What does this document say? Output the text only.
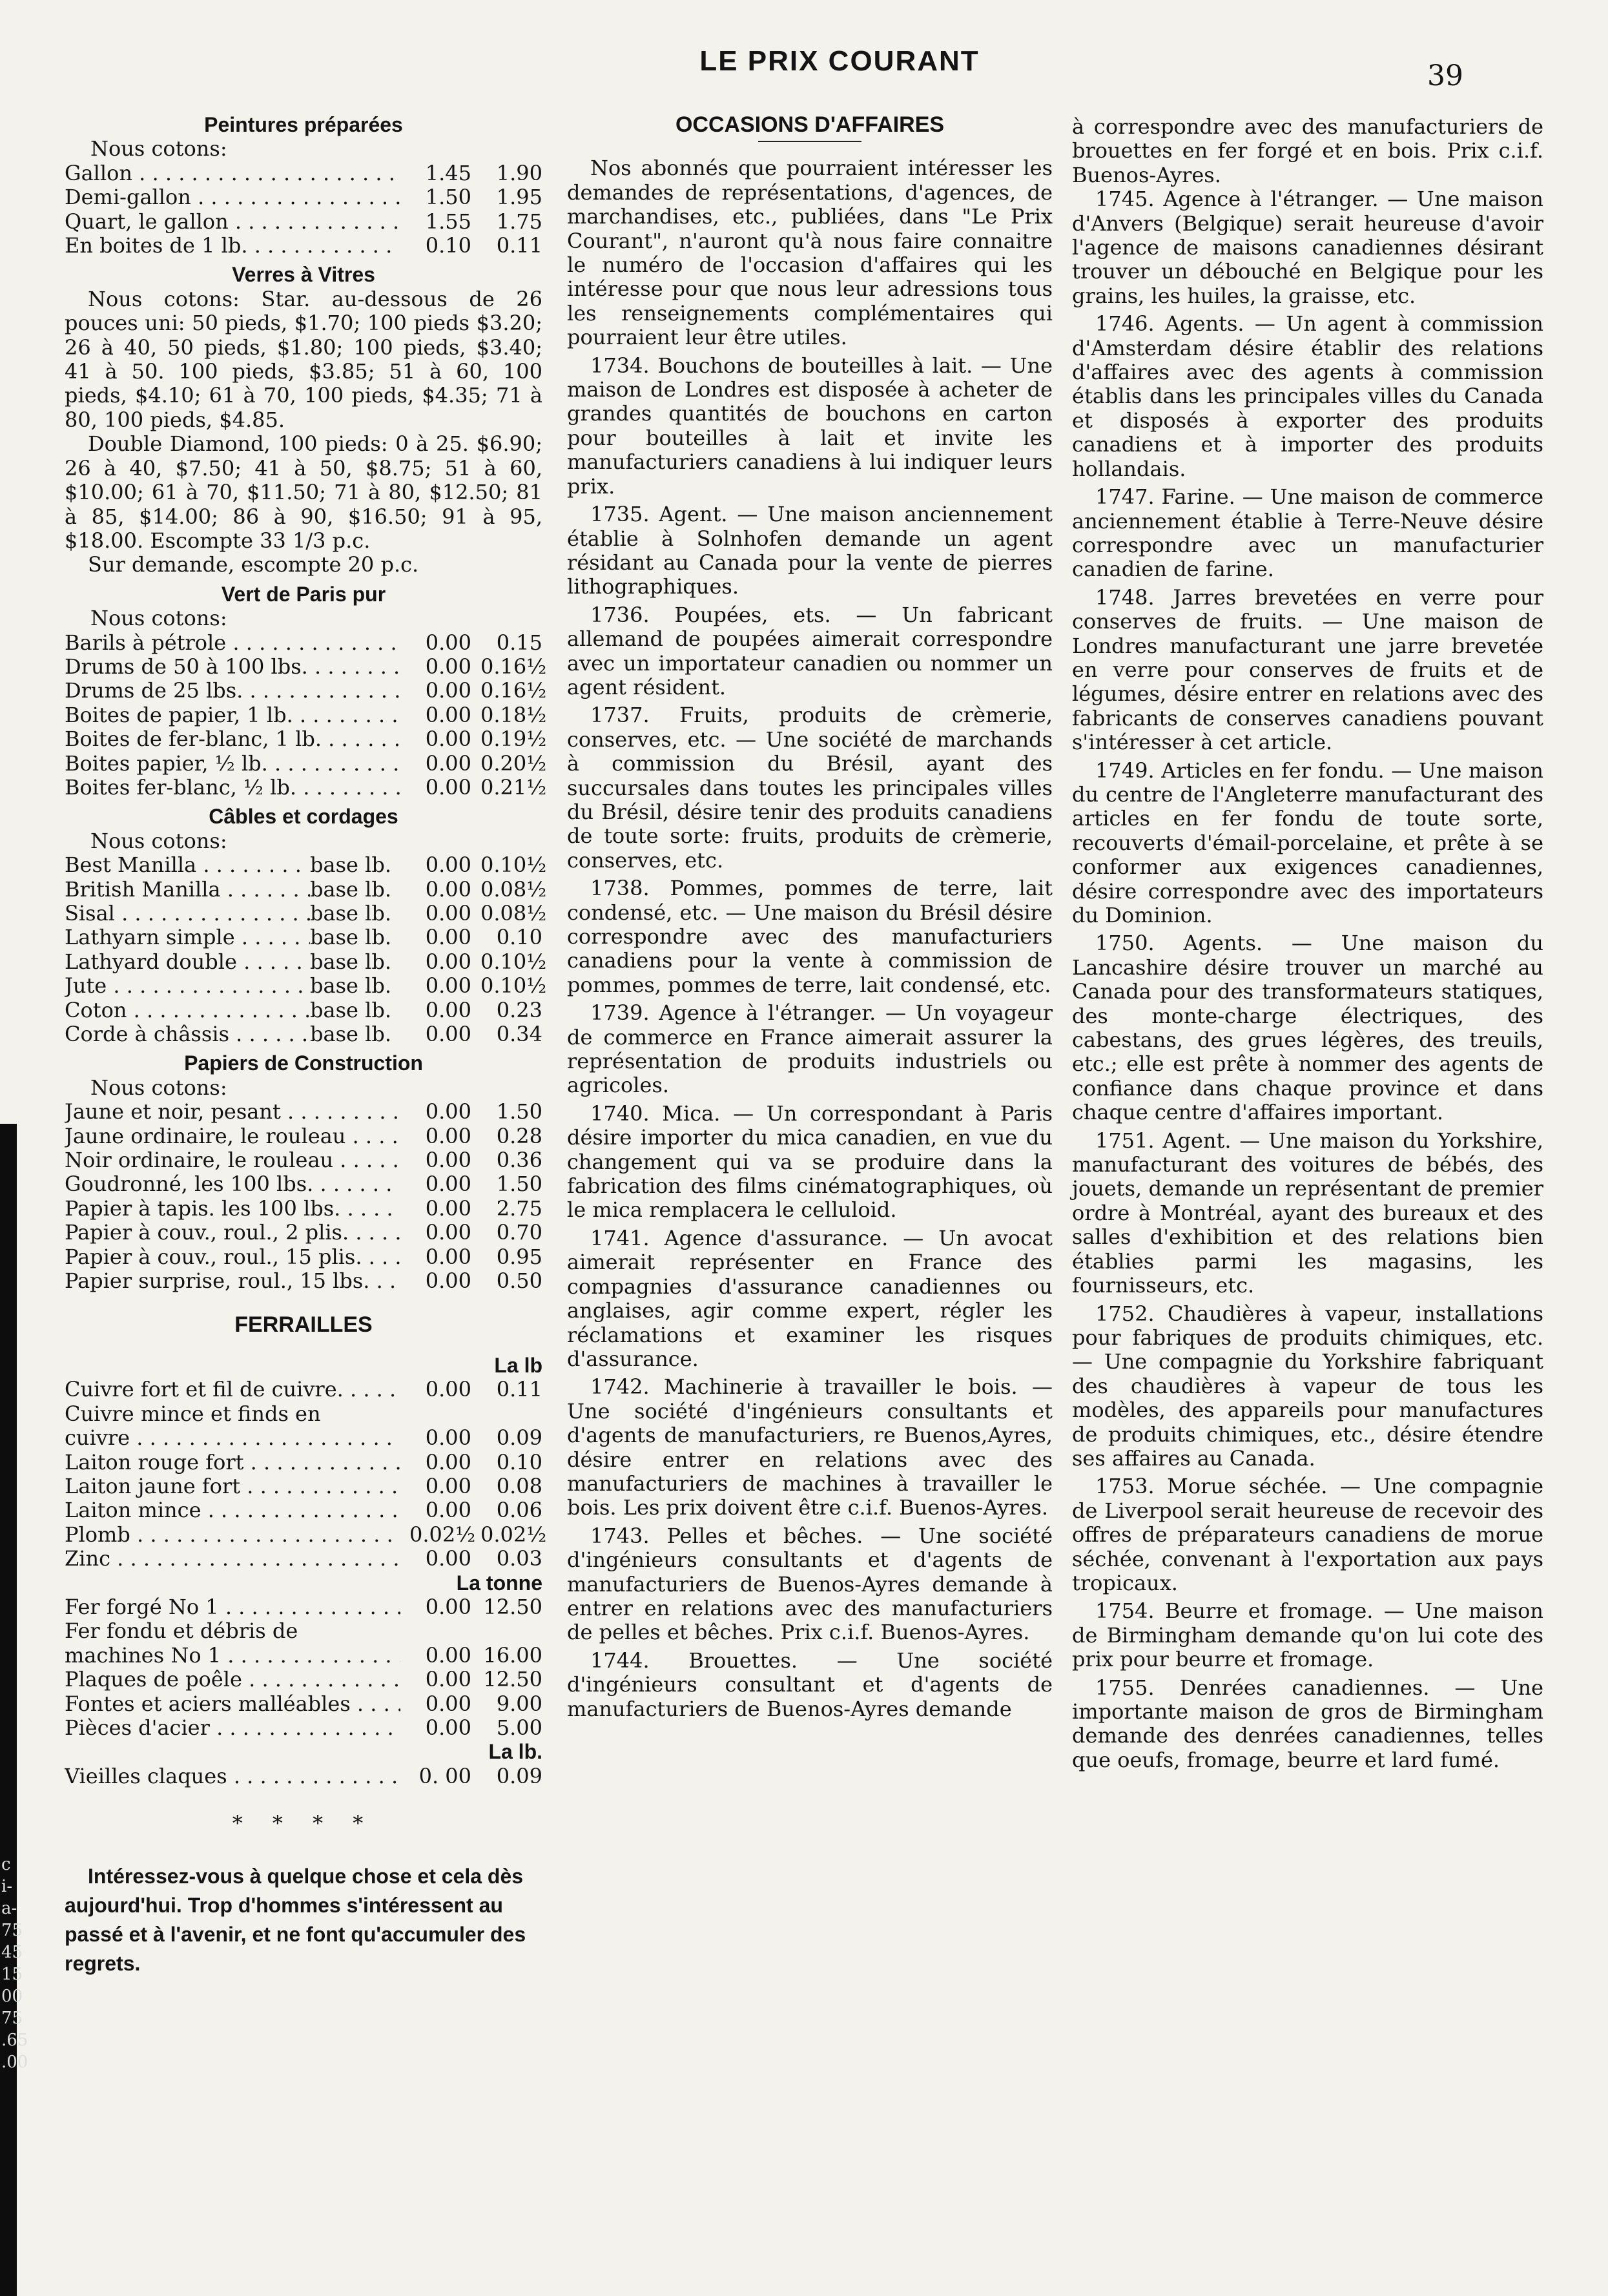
LE PRIX COURANT	39
c
i-
a-
75
45
15
00
75
.65
.00
Peintures préparées
Nous cotons:
Gallon . . .	1.45	1.90
Demi-gallon . . .	1.50	1.95
Quart, le gallon . . .	1.55	1.75
En boites de 1 lb. . . .	0.10	0.11
Verres à Vitres
Nous cotons: Star. au-dessous de 26 pouces uni: 50 pieds, $1.70; 100 pieds $3.20; 26 à 40, 50 pieds, $1.80; 100 pieds, $3.40; 41 à 50. 100 pieds, $3.85; 51 à 60, 100 pieds, $4.10; 61 à 70, 100 pieds, $4.35; 71 à 80, 100 pieds, $4.85.
Double Diamond, 100 pieds: 0 à 25. $6.90; 26 à 40, $7.50; 41 à 50, $8.75; 51 à 60, $10.00; 61 à 70, $11.50; 71 à 80, $12.50; 81 à 85, $14.00; 86 à 90, $16.50; 91 à 95, $18.00. Escompte 33 1/3 p.c.
Sur demande, escompte 20 p.c.
Vert de Paris pur
Nous cotons:
Barils à pétrole . . .	0.00	0.15
Drums de 50 à 100 lbs. . . .	0.00 0.16½
Drums de 25 lbs. . . .	0.00 0.16½
Boites de papier, 1 lb. . . .	0.00 0.18½
Boites de fer-blanc, 1 lb. . . .	0.00 0.19½
Boites papier, ½ lb. . . .	0.00 0.20½
Boites fer-blanc, ½ lb. . . .	0.00 0.21½
Câbles et cordages
Nous cotons:
Best Manilla . . .	base lb.	0.00 0.10½
British Manilla . . .	base lb.	0.00 0.08½
Sisal . . .	base lb.	0.00 0.08½
Lathyarn simple . . .	base lb.	0.00	0.10
Lathyard double . . .	base lb.	0.00 0.10½
Jute . . .	base lb.	0.00 0.10½
Coton . . .	base lb.	0.00	0.23
Corde à châssis . . .	base lb.	0.00	0.34
Papiers de Construction
Nous cotons:
Jaune et noir, pesant . . .	0.00	1.50
Jaune ordinaire, le rouleau . . .	0.00	0.28
Noir ordinaire, le rouleau . . .	0.00	0.36
Goudronné, les 100 lbs. . . .	0.00	1.50
Papier à tapis. les 100 lbs. . . .	0.00	2.75
Papier à couv., roul., 2 plis. . . .	0.00	0.70
Papier à couv., roul., 15 plis. . . .	0.00	0.95
Papier surprise, roul., 15 lbs. . . .	0.00	0.50
FERRAILLES
La lb
Cuivre fort et fil de cuivre. . . .	0.00	0.11
Cuivre mince et finds en
cuivre . . .	0.00	0.09
Laiton rouge fort . . .	0.00	0.10
Laiton jaune fort . . .	0.00	0.08
Laiton mince . . .	0.00	0.06
Plomb . . .	0.02½ 0.02½
Zinc . . .	0.00	0.03
La tonne
Fer forgé No 1 . . .	0.00 12.50
Fer fondu et débris de
machines No 1 . . .	0.00 16.00
Plaques de poêle . . .	0.00 12.50
Fontes et aciers malléables . . .	0.00	9.00
Pièces d'acier . . .	0.00	5.00
La lb.
Vieilles claques . . .	0. 00	0.09
* * * *
Intéressez-vous à quelque chose et cela dès aujourd'hui. Trop d'hommes s'intéressent au passé et à l'avenir, et ne font qu'accumuler des regrets.
OCCASIONS D'AFFAIRES
Nos abonnés que pourraient intéresser les demandes de représentations, d'agences, de marchandises, etc., publiées, dans "Le Prix Courant", n'auront qu'à nous faire connaitre le numéro de l'occasion d'affaires qui les intéresse pour que nous leur adressions tous les renseignements complémentaires qui pourraient leur être utiles.
1734. Bouchons de bouteilles à lait. — Une maison de Londres est disposée à acheter de grandes quantités de bouchons en carton pour bouteilles à lait et invite les manufacturiers canadiens à lui indiquer leurs prix.
1735. Agent. — Une maison anciennement établie à Solnhofen demande un agent résidant au Canada pour la vente de pierres lithographiques.
1736. Poupées, ets. — Un fabricant allemand de poupées aimerait correspondre avec un importateur canadien ou nommer un agent résident.
1737. Fruits, produits de crèmerie, conserves, etc. — Une société de marchands à commission du Brésil, ayant des succursales dans toutes les principales villes du Brésil, désire tenir des produits canadiens de toute sorte: fruits, produits de crèmerie, conserves, etc.
1738. Pommes, pommes de terre, lait condensé, etc. — Une maison du Brésil désire correspondre avec des manufacturiers canadiens pour la vente à commission de pommes, pommes de terre, lait condensé, etc.
1739. Agence à l'étranger. — Un voyageur de commerce en France aimerait assurer la représentation de produits industriels ou agricoles.
1740. Mica. — Un correspondant à Paris désire importer du mica canadien, en vue du changement qui va se produire dans la fabrication des films cinématographiques, où le mica remplacera le celluloid.
1741. Agence d'assurance. — Un avocat aimerait représenter en France des compagnies d'assurance canadiennes ou anglaises, agir comme expert, régler les réclamations et examiner les risques d'assurance.
1742. Machinerie à travailler le bois. — Une société d'ingénieurs consultants et d'agents de manufacturiers, re Buenos,Ayres, désire entrer en relations avec des manufacturiers de machines à travailler le bois. Les prix doivent être c.i.f. Buenos-Ayres.
1743. Pelles et bêches. — Une société d'ingénieurs consultants et d'agents de manufacturiers de Buenos-Ayres demande à entrer en relations avec des manufacturiers de pelles et bêches. Prix c.i.f. Buenos-Ayres.
1744. Brouettes. — Une société d'ingénieurs consultant et d'agents de manufacturiers de Buenos-Ayres demande
à correspondre avec des manufacturiers de brouettes en fer forgé et en bois. Prix c.i.f. Buenos-Ayres.
1745. Agence à l'étranger. — Une maison d'Anvers (Belgique) serait heureuse d'avoir l'agence de maisons canadiennes désirant trouver un débouché en Belgique pour les grains, les huiles, la graisse, etc.
1746. Agents. — Un agent à commission d'Amsterdam désire établir des relations d'affaires avec des agents à commission établis dans les principales villes du Canada et disposés à exporter des produits canadiens et à importer des produits hollandais.
1747. Farine. — Une maison de commerce anciennement établie à Terre-Neuve désire correspondre avec un manufacturier canadien de farine.
1748. Jarres brevetées en verre pour conserves de fruits. — Une maison de Londres manufacturant une jarre brevetée en verre pour conserves de fruits et de légumes, désire entrer en relations avec des fabricants de conserves canadiens pouvant s'intéresser à cet article.
1749. Articles en fer fondu. — Une maison du centre de l'Angleterre manufacturant des articles en fer fondu de toute sorte, recouverts d'émail-porcelaine, et prête à se conformer aux exigences canadiennes, désire correspondre avec des importateurs du Dominion.
1750. Agents. — Une maison du Lancashire désire trouver un marché au Canada pour des transformateurs statiques, des monte-charge électriques, des cabestans, des grues légères, des treuils, etc.; elle est prête à nommer des agents de confiance dans chaque province et dans chaque centre d'affaires important.
1751. Agent. — Une maison du Yorkshire, manufacturant des voitures de bébés, des jouets, demande un représentant de premier ordre à Montréal, ayant des bureaux et des salles d'exhibition et des relations bien établies parmi les magasins, les fournisseurs, etc.
1752. Chaudières à vapeur, installations pour fabriques de produits chimiques, etc. — Une compagnie du Yorkshire fabriquant des chaudières à vapeur de tous les modèles, des appareils pour manufactures de produits chimiques, etc., désire étendre ses affaires au Canada.
1753. Morue séchée. — Une compagnie de Liverpool serait heureuse de recevoir des offres de préparateurs canadiens de morue séchée, convenant à l'exportation aux pays tropicaux.
1754. Beurre et fromage. — Une maison de Birmingham demande qu'on lui cote des prix pour beurre et fromage.
1755. Denrées canadiennes. — Une importante maison de gros de Birmingham demande des denrées canadiennes, telles que oeufs, fromage, beurre et lard fumé.
